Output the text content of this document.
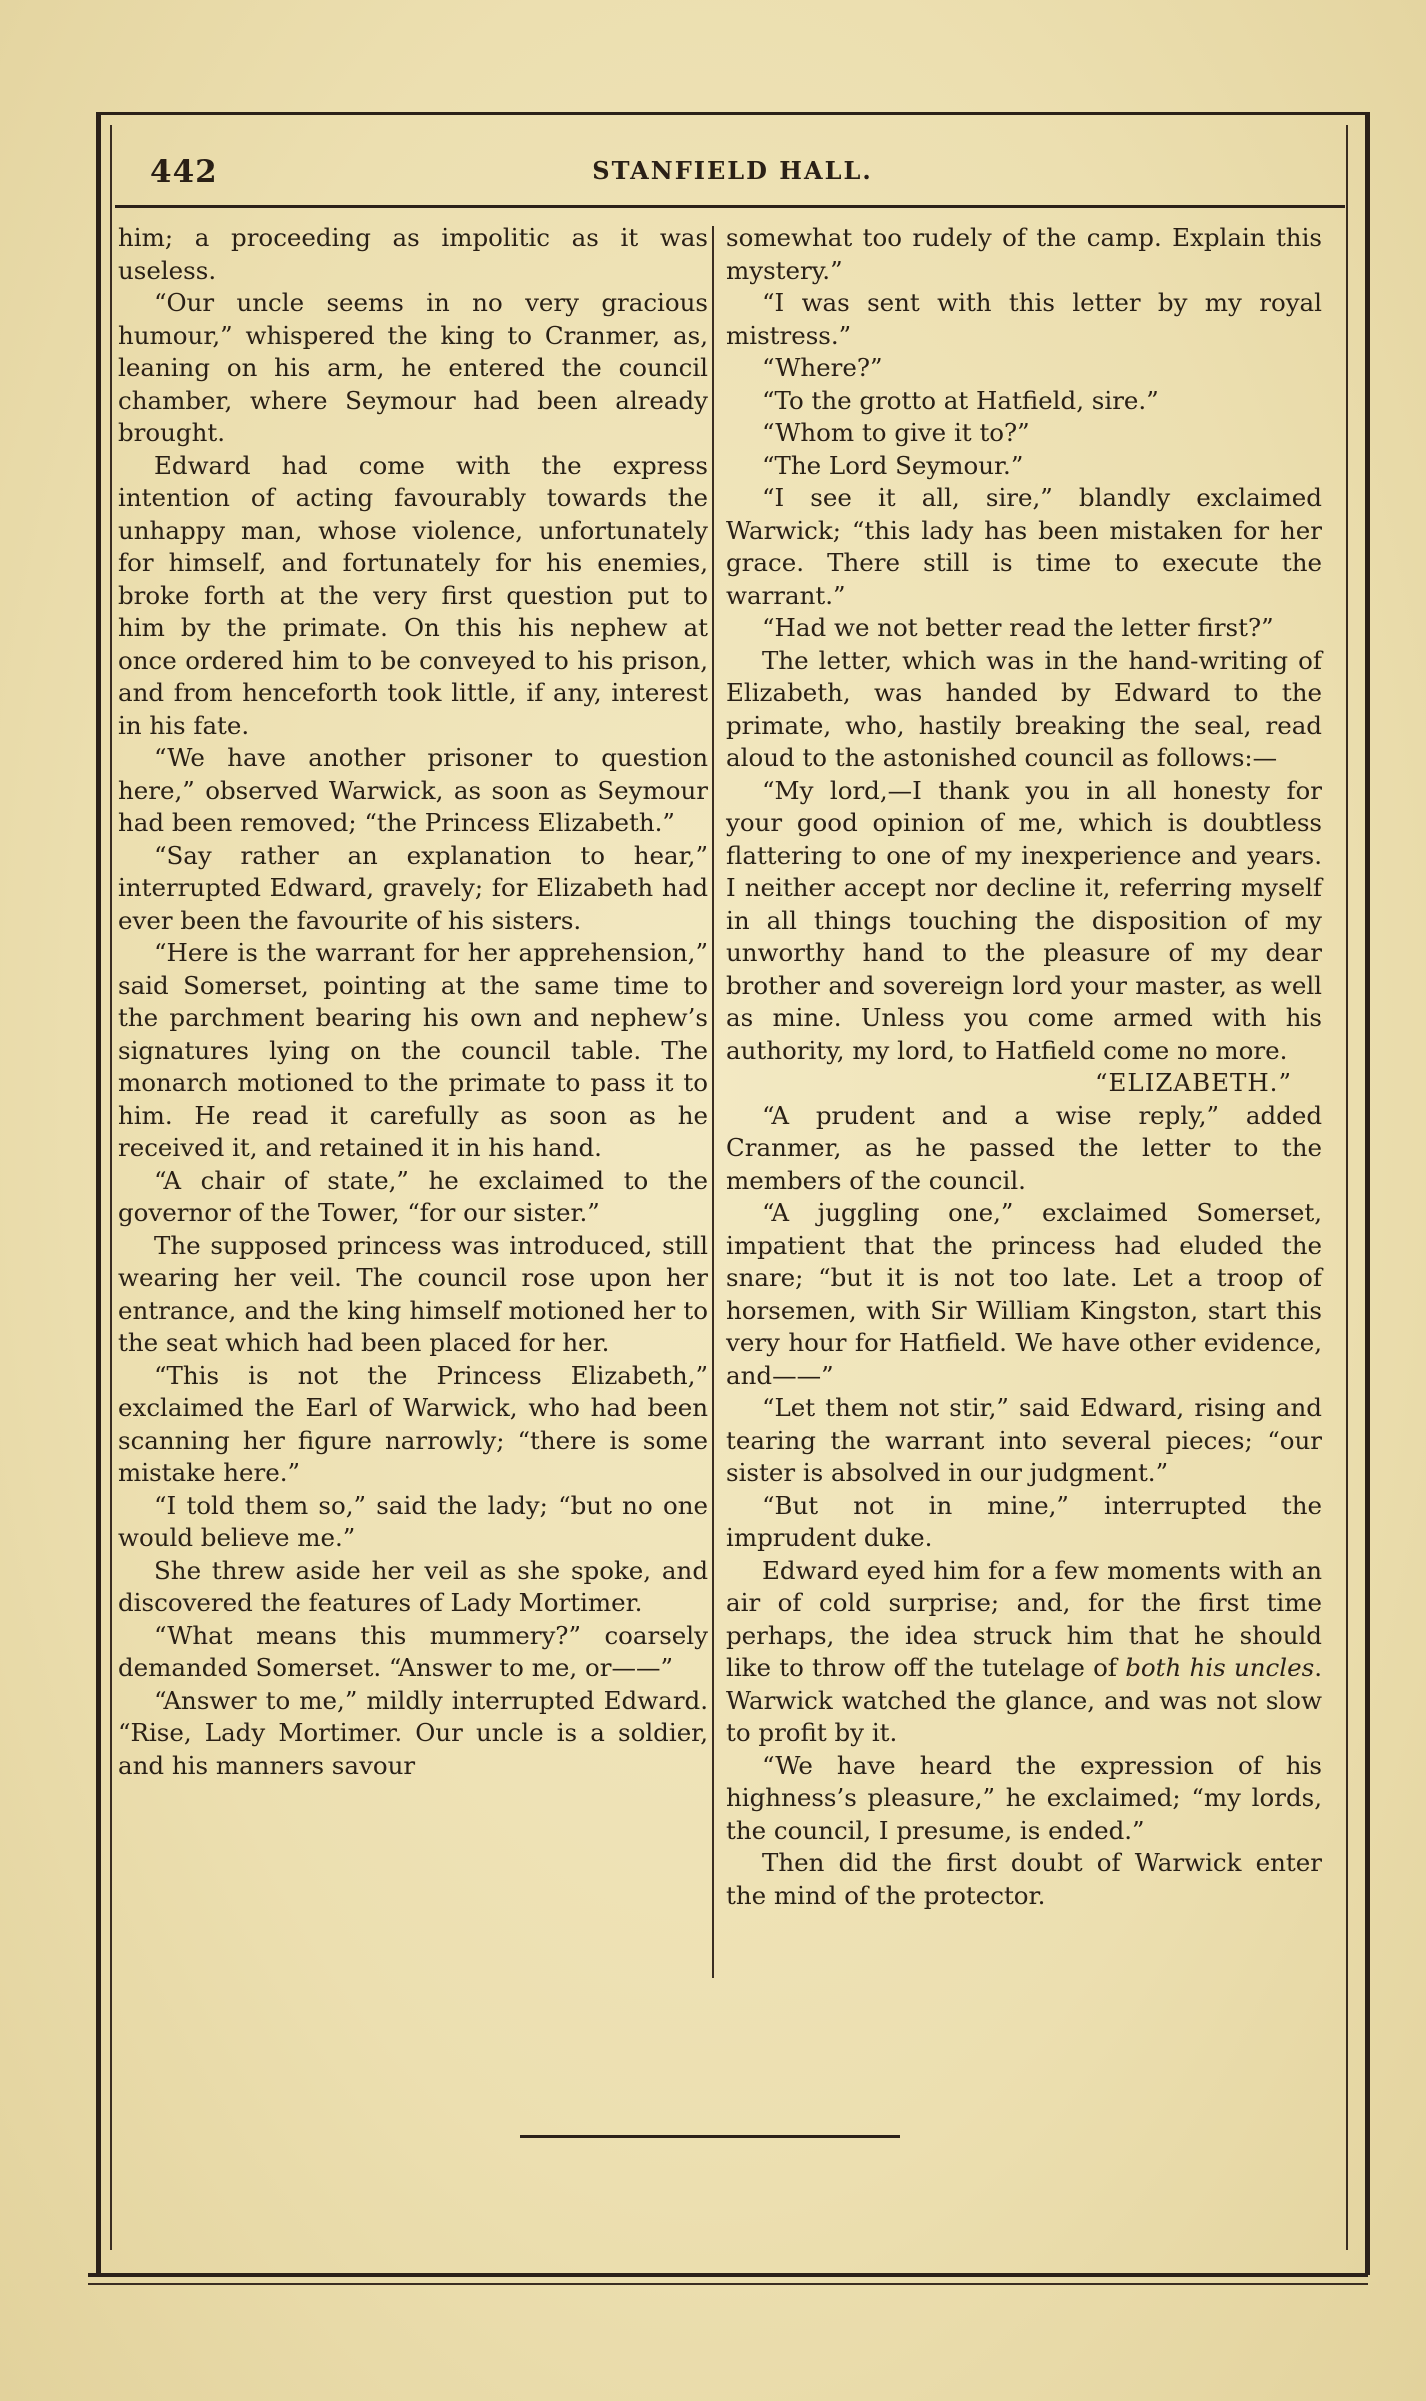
442	STANFIELD HALL.

him; a proceeding as impolitic as it was useless.

“Our uncle seems in no very gracious humour,” whispered the king to Cranmer, as, leaning on his arm, he entered the council chamber, where Seymour had been already brought.

Edward had come with the express intention of acting favourably towards the unhappy man, whose violence, unfortunately for himself, and fortunately for his enemies, broke forth at the very first question put to him by the primate. On this his nephew at once ordered him to be conveyed to his prison, and from henceforth took little, if any, interest in his fate.

“We have another prisoner to question here,” observed Warwick, as soon as Seymour had been removed; “the Princess Elizabeth.”

“Say rather an explanation to hear,” interrupted Edward, gravely; for Elizabeth had ever been the favourite of his sisters.

“Here is the warrant for her apprehension,” said Somerset, pointing at the same time to the parchment bearing his own and nephew’s signatures lying on the council table. The monarch motioned to the primate to pass it to him. He read it carefully as soon as he received it, and retained it in his hand.

“A chair of state,” he exclaimed to the governor of the Tower, “for our sister.”

The supposed princess was introduced, still wearing her veil. The council rose upon her entrance, and the king himself motioned her to the seat which had been placed for her.

“This is not the Princess Elizabeth,” exclaimed the Earl of Warwick, who had been scanning her figure narrowly; “there is some mistake here.”

“I told them so,” said the lady; “but no one would believe me.”

She threw aside her veil as she spoke, and discovered the features of Lady Mortimer.

“What means this mummery?” coarsely demanded Somerset. “Answer to me, or——”

“Answer to me,” mildly interrupted Edward. “Rise, Lady Mortimer. Our uncle is a soldier, and his manners savour

somewhat too rudely of the camp. Explain this mystery.”

“I was sent with this letter by my royal mistress.”

“Where?”

“To the grotto at Hatfield, sire.”

“Whom to give it to?”

“The Lord Seymour.”

“I see it all, sire,” blandly exclaimed Warwick; “this lady has been mistaken for her grace. There still is time to execute the warrant.”

“Had we not better read the letter first?”

The letter, which was in the hand-writing of Elizabeth, was handed by Edward to the primate, who, hastily breaking the seal, read aloud to the astonished council as follows:—

“My lord,—I thank you in all honesty for your good opinion of me, which is doubtless flattering to one of my inexperience and years. I neither accept nor decline it, referring myself in all things touching the disposition of my unworthy hand to the pleasure of my dear brother and sovereign lord your master, as well as mine. Unless you come armed with his authority, my lord, to Hatfield come no more.

“ELIZABETH.”

“A prudent and a wise reply,” added Cranmer, as he passed the letter to the members of the council.

“A juggling one,” exclaimed Somerset, impatient that the princess had eluded the snare; “but it is not too late. Let a troop of horsemen, with Sir William Kingston, start this very hour for Hatfield. We have other evidence, and——”

“Let them not stir,” said Edward, rising and tearing the warrant into several pieces; “our sister is absolved in our judgment.”

“But not in mine,” interrupted the imprudent duke.

Edward eyed him for a few moments with an air of cold surprise; and, for the first time perhaps, the idea struck him that he should like to throw off the tutelage of both his uncles. Warwick watched the glance, and was not slow to profit by it.

“We have heard the expression of his highness’s pleasure,” he exclaimed; “my lords, the council, I presume, is ended.”

Then did the first doubt of Warwick enter the mind of the protector.
